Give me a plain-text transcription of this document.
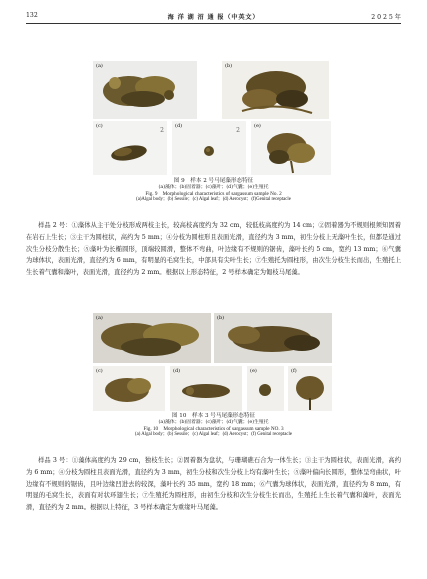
132	海 洋 湖 沼 通 报（中英文）	2 0 2 5 年
(a)	(b)
(c)
2
(d)
2
(e)
图 9　样本 2 号马尾藻形态特征
(a)藻体；(b)固着器；(c)藻叶；(d)气囊；(e)生殖托
Fig. 9　Morphological characteristics of sargassum sample No. 2
(a)Algal body；(b) Sessile；(c) Algal leaf；(d) Aerocyst；(f)Genital receptacle

样品 2 号：①藻体从主干处分枝形成两枝主长，较高枝高度约为 32 cm，较低枝高度约为 14 cm；②固着器为不规则根须知固着在岩石上生长；③主干为圆柱状，高约为 5 mm；④分枝为圆柱形且表面光滑，直径约为 3 mm，初生分枝上无藻叶生长，但都是通过次生分枝分散生长；⑤藻叶为长椭圆形，顶端较圆滑，整体不弯曲，叶边缘有不规则的锯齿，藻叶长约 5 cm，宽约 13 mm；⑥气囊为球体状，表面光滑，直径约为 6 mm，有明显的毛窝生长，中部具有尖叶生长；⑦生殖托为圆柱形，由次生分枝生长而出，生殖托上生长着气囊和藻叶，表面光滑，直径约为 2 mm。根据以上形态特征，2 号样本确定为匍枝马尾藻。

(a)	(b)
(c)	(d)	(e)	(f)
图 10　样本 3 号马尾藻形态特征
(a)藻体；(b)固着器；(c)藻叶；(d)气囊；(e)生殖托
Fig. 10　Morphological characteristics of sargassum sample NO. 3
(a) Algal body；(b) Sessile；(c) Algal leaf；(d) Aerocyst；(f) Genital receptacle

样品 3 号：①藻体高度约为 29 cm，独枝生长；②固着器为盘状，与珊瑚礁石合为一体生长；③主干为圆柱状，表面光滑，高约为 6 mm；④分枝为圆柱且表面光滑，直径约为 3 mm，初生分枝和次生分枝上均有藻叶生长；⑤藻叶偏向长圆形，整体呈弯曲状，叶边缘有不规则的锯齿，且叶边缘凹进去的较深，藻叶长约 35 mm，宽约 18 mm；⑥气囊为球体状，表面光滑，直径约为 8 mm，有明显的毛窝生长，表面有对状环翅生长；⑦生殖托为圆柱形，由初生分枝和次生分枝生长而出，生殖托上生长着气囊和藻叶，表面光滑，直径约为 2 mm。根据以上特征，3 号样本确定为重缘叶马尾藻。
